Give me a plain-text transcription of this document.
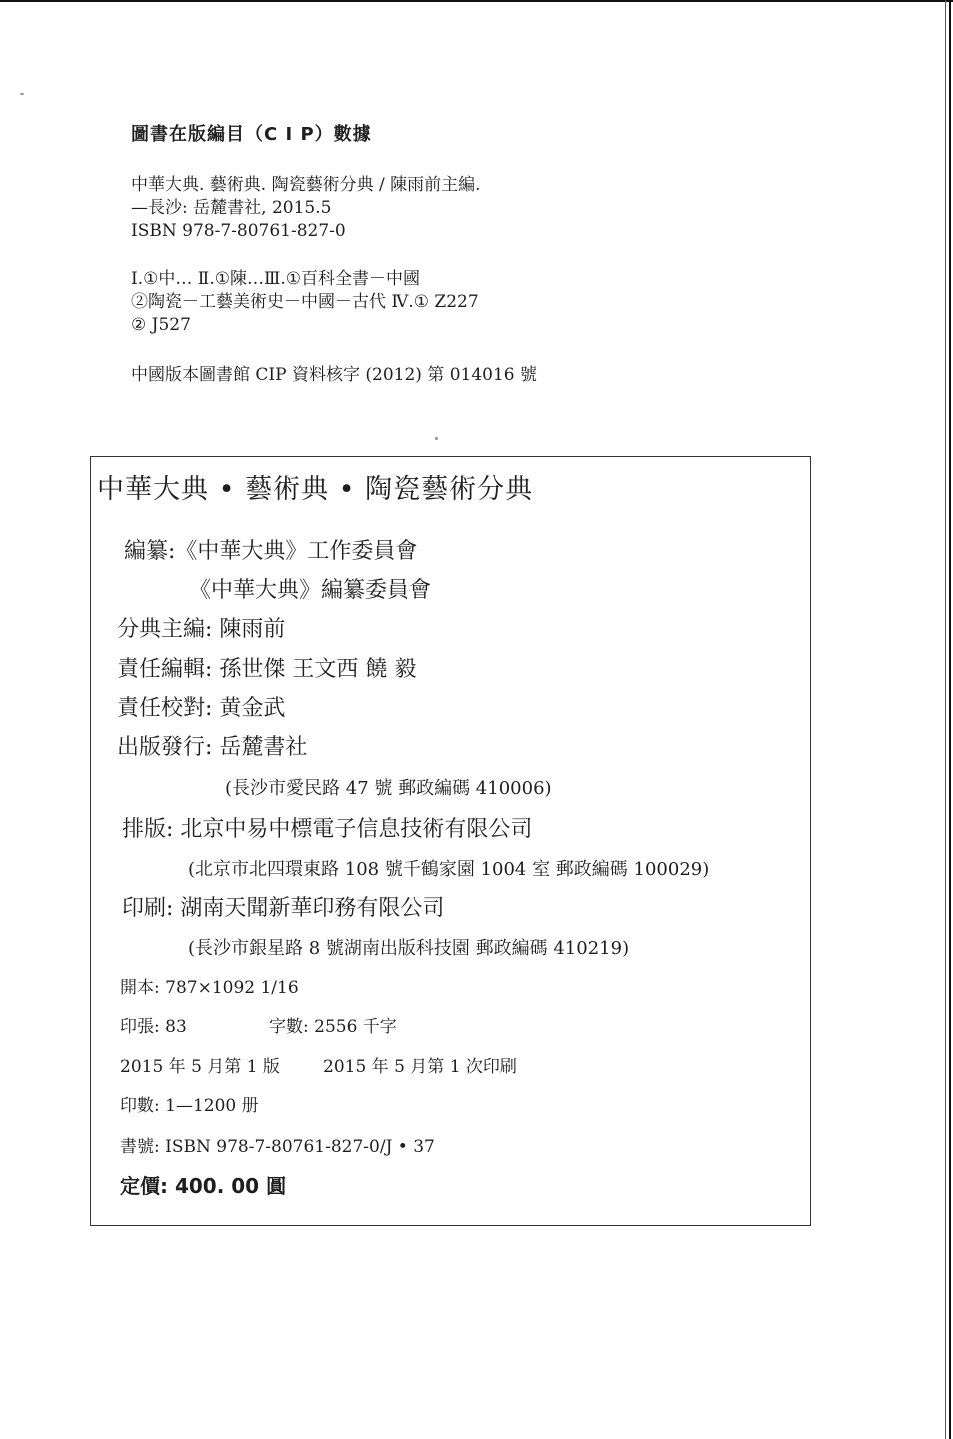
圖書在版編目（C I P）數據
中華大典. 藝術典. 陶瓷藝術分典 / 陳雨前主編.
—長沙: 岳麓書社, 2015.5
ISBN 978-7-80761-827-0
Ⅰ.①中… Ⅱ.①陳…Ⅲ.①百科全書－中國
②陶瓷－工藝美術史－中國－古代 Ⅳ.① Z227
② J527
中國版本圖書館 CIP 資料核字 (2012) 第 014016 號
中華大典 • 藝術典 • 陶瓷藝術分典
編纂:《中華大典》工作委員會
《中華大典》編纂委員會
分典主編: 陳雨前
責任編輯: 孫世傑 王文西 饒 毅
責任校對: 黄金武
出版發行: 岳麓書社
(長沙市愛民路 47 號 郵政編碼 410006)
排版: 北京中易中標電子信息技術有限公司
(北京市北四環東路 108 號千鶴家園 1004 室 郵政編碼 100029)
印刷: 湖南天聞新華印務有限公司
(長沙市銀星路 8 號湖南出版科技園 郵政編碼 410219)
開本: 787×1092 1/16
印張: 83	字數: 2556 千字
2015 年 5 月第 1 版	2015 年 5 月第 1 次印刷
印數: 1—1200 册
書號: ISBN 978-7-80761-827-0/J • 37
定價: 400. 00 圓
